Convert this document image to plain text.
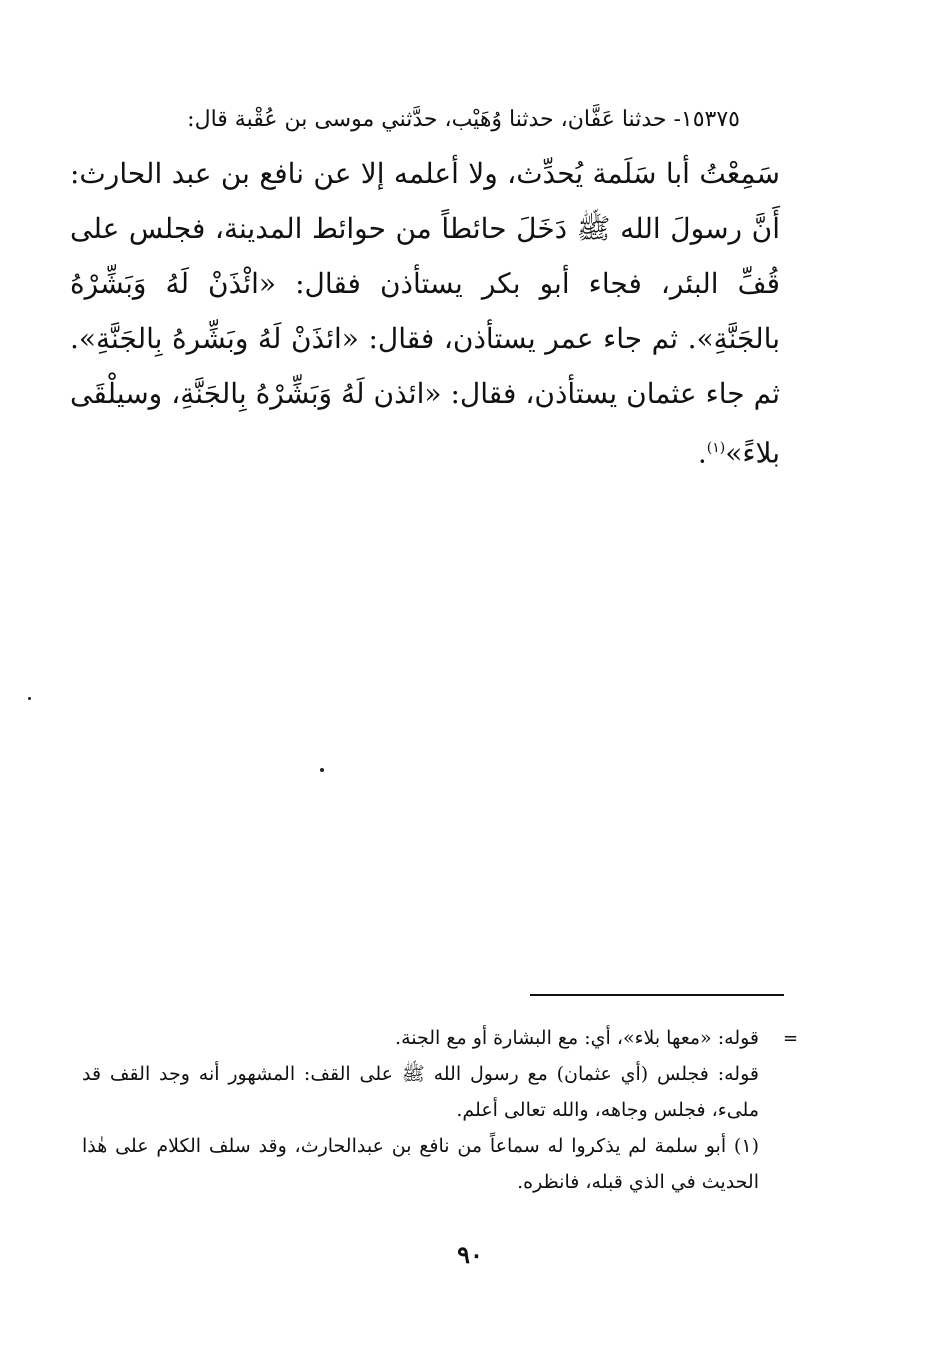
١٥٣٧٥- حدثنا عَفَّان، حدثنا وُهَيْب، حدَّثني موسى بن عُقْبة قال:

سَمِعْتُ أبا سَلَمة يُحدِّث، ولا أعلمه إلا عن نافع بن عبد الحارث: أَنَّ رسولَ الله ﷺ دَخَلَ حائطاً من حوائط المدينة، فجلس على قُفِّ البئر، فجاء أبو بكر يستأذن فقال: «ائْذَنْ لَهُ وَبَشِّرْهُ بالجَنَّةِ». ثم جاء عمر يستأذن، فقال: «ائذَنْ لَهُ وبَشِّرهُ بِالجَنَّةِ». ثم جاء عثمان يستأذن، فقال: «ائذن لَهُ وَبَشِّرْهُ بِالجَنَّةِ، وسيلْقَى بلاءً»$^{(١)}$.

=

قوله: «معها بلاء»، أي: مع البشارة أو مع الجنة.

قوله: فجلس (أي عثمان) مع رسول الله ﷺ على القف: المشهور أنه وجد القف قد ملىء، فجلس وجاهه، والله تعالى أعلم.

(١) أبو سلمة لم يذكروا له سماعاً من نافع بن عبدالحارث، وقد سلف الكلام على هٰذا الحديث في الذي قبله، فانظره.

٩٠
